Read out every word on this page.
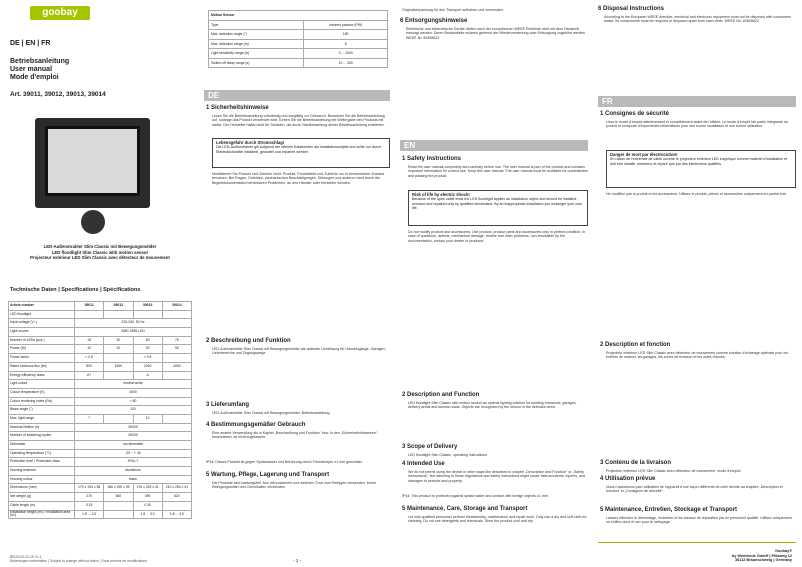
goobay
DE | EN | FR
Betriebsanleitung
User manual
Mode d'emploi
Art. 39011, 39012, 39013, 39014
LED-Außenstrahler Slim Classic mit Bewegungsmelder
LED floodlight Slim Classic with motion sensor
Projecteur extérieur LED Slim Classic avec détecteur de mouvement
Technische Daten | Specifications | Spécifications
Article number	39011	39012	39013	39014
LED floodlight				
Input voltage (V~)	220-240, 50 Hz			
Light source	SMD 2835 LED			
Number of LEDs (pcs.)	15	30	60	76
Power (W)	10	20	30	50
Power factor	> 0.5		> 0.9	
Rated luminous flux (lm)	800	1600	2400	4000
Energy efficiency class	A+		A	
Light colour	neutral white			
Colour temperature (K)	4000			
Colour rendering index (Ra)	> 80			
Beam angle (°)	120			
Max. light range	7		12	
Nominal lifetime (h)	30000			
Number of switching cycles	30000			
Dimmable	not dimmable			
Operating temperature (°C)	-20 ~ + 40			
Protection level / Protection class	IP44 / I			
Housing material	aluminium			
Housing colour	black			
Dimensions (mm)	170 x 194 x 38	186 x 195 x 39	176 x 225 x 41	210 x 254 x 41
Net weight (g)	275	360	390	620
Cable length (m)	0.15		0.30	
Installation height (m²) / Installation area (m²)	1.8 ... 2.5		1.8 ... 3.0	1.8 ... 4.0
BE02010-03-25 V1.1
Änderungen vorbehalten | Subject to change without notice | Sous réserve de modifications
Motion Sensor	
Type	Infrared passive (PIR)
Max. detection angle (°)	180
Max. detection range (m)	8
Light sensitivity range (lx)	3 ... 2000
Switch-off delay range (s)	10 ... 300
DE
1 Sicherheitshinweise
Lesen Sie die Betriebsanleitung vollständig und sorgfältig vor Gebrauch. Bewahren Sie die Betriebsanleitung auf, solange das Produkt verwendet wird. Geben Sie die Betriebsanleitung bei Weitergabe des Produkts mit weiter. Der Hersteller haftet nicht für Schäden, die durch Nichtbeachtung dieser Betriebsanleitung entstehen.
Lebensgefahr durch Stromschlag!
Die LED-Außenstrahler gilt aufgrund der offenen Kabelenden als Installationsobjekt und sollte nur durch Elektrofachkräfte installiert, gewartet und repariert werden.
Modifizieren Sie Produkt und Zubehör nicht. Produkt, Produktteile und Zubehör nur in verwendetem Zustand benutzen. Bei Fragen, Defekten, mechanischen Beschädigungen, Störungen und anderen nicht durch die Begleitdokumentation behebbaren Problemen, an den Händler oder Hersteller wenden.
2 Beschreibung und Funktion
LED-Außenstrahler Slim Classic mit Bewegungsmelder als optimale Lichtlösung für Hauseingänge, Garagen, Lieferbereiche und Zugangswege.
3 Lieferumfang
LED-Außenstrahler Slim Classic mit Bewegungsmelder, Betriebsanleitung
4 Bestimmungsgemäßer Gebrauch
Eine andere Verwendung als in Kapitel „Beschreibung und Funktion“ bzw. in den „Sicherheitshinweisen“ beschrieben, ist nicht zugelassen.
IP44: Dieses Produkt ist gegen Spritzwasser und Berührung durch Fremdkörper ≥1 mm geschützt.
5 Wartung, Pflege, Lagerung und Transport
Die Produkte sind wartungsfrei. Nur mit trockenem und weichem Tuch zum Reinigen verwenden. Keine Reinigungsmittel und Chemikalien verwenden.
- 1 -
Originalverpackung für den Transport aufheben und verwenden.
6 Entsorgungshinweise
Elektrische und elektronische Geräte dürfen nach der europäischen WEEE Richtlinie nicht mit dem Hausmüll entsorgt werden. Deren Bestandteile müssen getrennt der Wiederverwertung oder Entsorgung zugeführt werden. WEEE Nr: 82898622
EN
1 Safety Instructions
Read the user manual completely and carefully before use. The user manual is part of the product and contains important information for correct use. Keep this user manual. The user manual must be available for uncertainties and passing the product.
Risk of life by electric shock!
Because of the open cable ends the LED floodlight applies as installation object and should be installed, serviced and repaired only by qualified electricians. By an inappropriate installation you endanger your own life.
Do not modify product and accessories. Use product, product parts and accessories only in perfect condition. In case of questions, defects, mechanical damage, trouble and other problems, non-resolvable by the documentation, contact your dealer or producer.
2 Description and Function
LED floodlight Slim Classic with motion sensor as optimal lighting solution for building entrances, garages, delivery areas and access roads. Objects are recognized by the sensor in the detection area.
3 Scope of Delivery
LED floodlight Slim Classic, operating instructions
4 Intended Use
We do not permit using the device in other ways like described in chapter „Description and Function“ or „Safety Instructions“. Not adhering to these regulations and safety instructions might cause fatal accidents, injuries, and damages to persons and property.
IP44: This product is protected against splash water and contact with foreign objects ≥1 mm.
5 Maintenance, Care, Storage and Transport
Let only qualified personnel perform disassembly, maintenance and repair work. Only use a dry and soft cloth for cleaning. Do not use detergents and chemicals. Store the product cool and dry.
6 Disposal Instructions
According to the European WEEE directive, electrical and electronic equipment must not be disposed with consumers waste. Its components must be recycled or disposed apart from each other. WEEE No: 82898622
FR
1 Consignes de sécurité
Lisez le mode d'emploi attentivement et complètement avant de l'utiliser. Le mode d'emploi fait partie intégrante du produit et comporte d'importantes informations pour une bonne installation et une bonne utilisation.
Danger de mort par électrocution!
En raison de l'extrémité de câble ouverte le projecteur extérieur LED s'applique comme matériel d'installation et doit être installé, entretenu et réparé que par des électriciens qualifiés.
Ne modifiez pas le produit et les accessoires. Utilisez le produit, pièces et accessoires uniquement en parfait état.
2 Description et fonction
Projecteur extérieur LED Slim Classic avec détecteur de mouvement comme solution d'éclairage optimale pour les entrées de maison, les garages, les zones de livraison et les voies d'accès.
3 Contenu de la livraison
Projecteur extérieur LED Slim Classic avec détecteur de mouvement, mode d'emploi
4 Utilisation prévue
Nous n'autorisons pas l'utilisation de l'appareil d'une façon différente de celle décrite au chapitre „Description et fonction“ et „Consignes de sécurité“.
5 Maintenance, Entretien, Stockage et Transport
Laissez effectuer le démontage, l'entretien et les travaux de réparation par un personnel qualifié. Utilisez uniquement un chiffon doux et sec pour le nettoyage.
Goobay®
by Wentronic GmbH | Pillaweg 12
38112 Braunschweig | Germany
